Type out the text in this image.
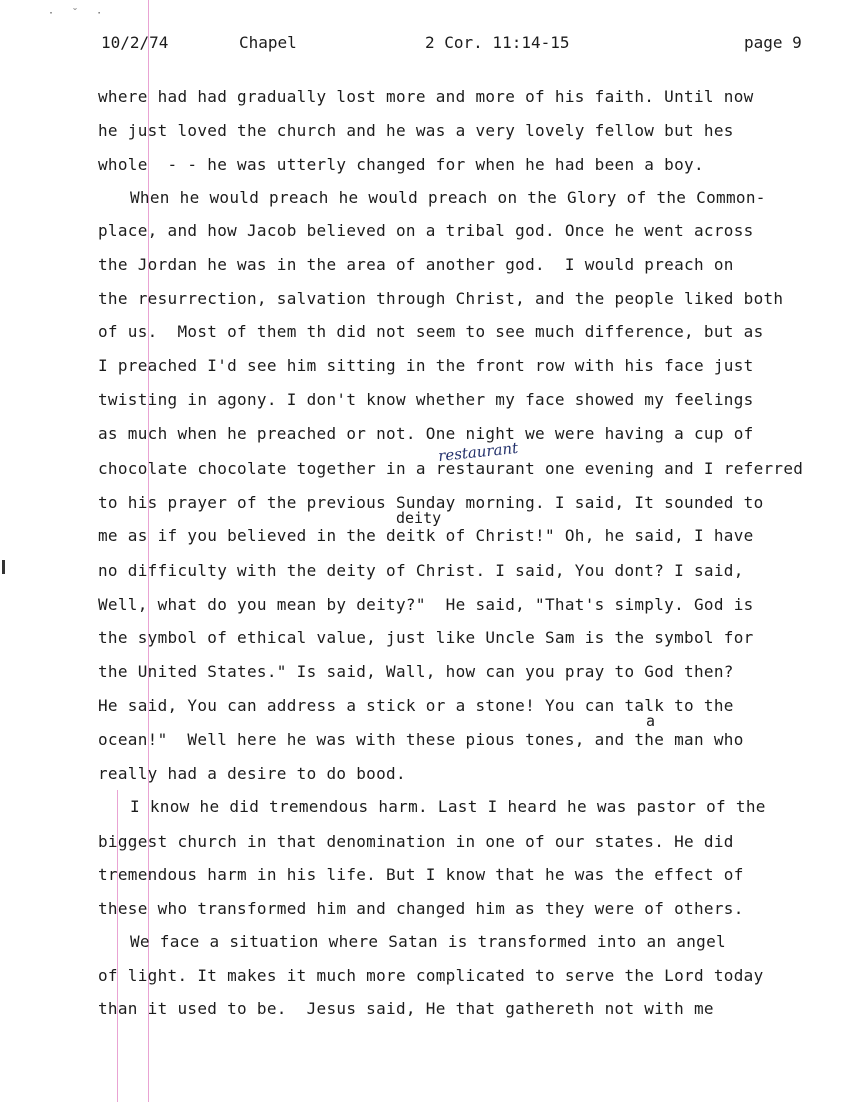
· ˘ ·
10/2/74	Chapel	2 Cor. 11:14-15	page 9
where had had gradually lost more and more of his faith. Until now
he just loved the church and he was a very lovely fellow but hes
whole  - - he was utterly changed for when he had been a boy.
When he would preach he would preach on the Glory of the Common-
place, and how Jacob believed on a tribal god. Once he went across
the Jordan he was in the area of another god.  I would preach on
the resurrection, salvation through Christ, and the people liked both
of us.  Most of them th did not seem to see much difference, but as
I preached I'd see him sitting in the front row with his face just
twisting in agony. I don't know whether my face showed my feelings
as much when he preached or not. One night we were having a cup of
restaurant
chocolate chocolate together in a restaurant one evening and I referred
to his prayer of the previous Sunday morning. I said, It sounded to
deity
me as if you believed in the deitk of Christ!" Oh, he said, I have
no difficulty with the deity of Christ. I said, You dont? I said,
Well, what do you mean by deity?"  He said, "That's simply. God is
the symbol of ethical value, just like Uncle Sam is the symbol for
the United States." Is said, Wall, how can you pray to God then?
He said, You can address a stick or a stone! You can talk to the
a
ocean!"  Well here he was with these pious tones, and the man who
really had a desire to do bood.
I know he did tremendous harm. Last I heard he was pastor of the
biggest church in that denomination in one of our states. He did
tremendous harm in his life. But I know that he was the effect of
these who transformed him and changed him as they were of others.
We face a situation where Satan is transformed into an angel
of light. It makes it much more complicated to serve the Lord today
than it used to be.  Jesus said, He that gathereth not with me
